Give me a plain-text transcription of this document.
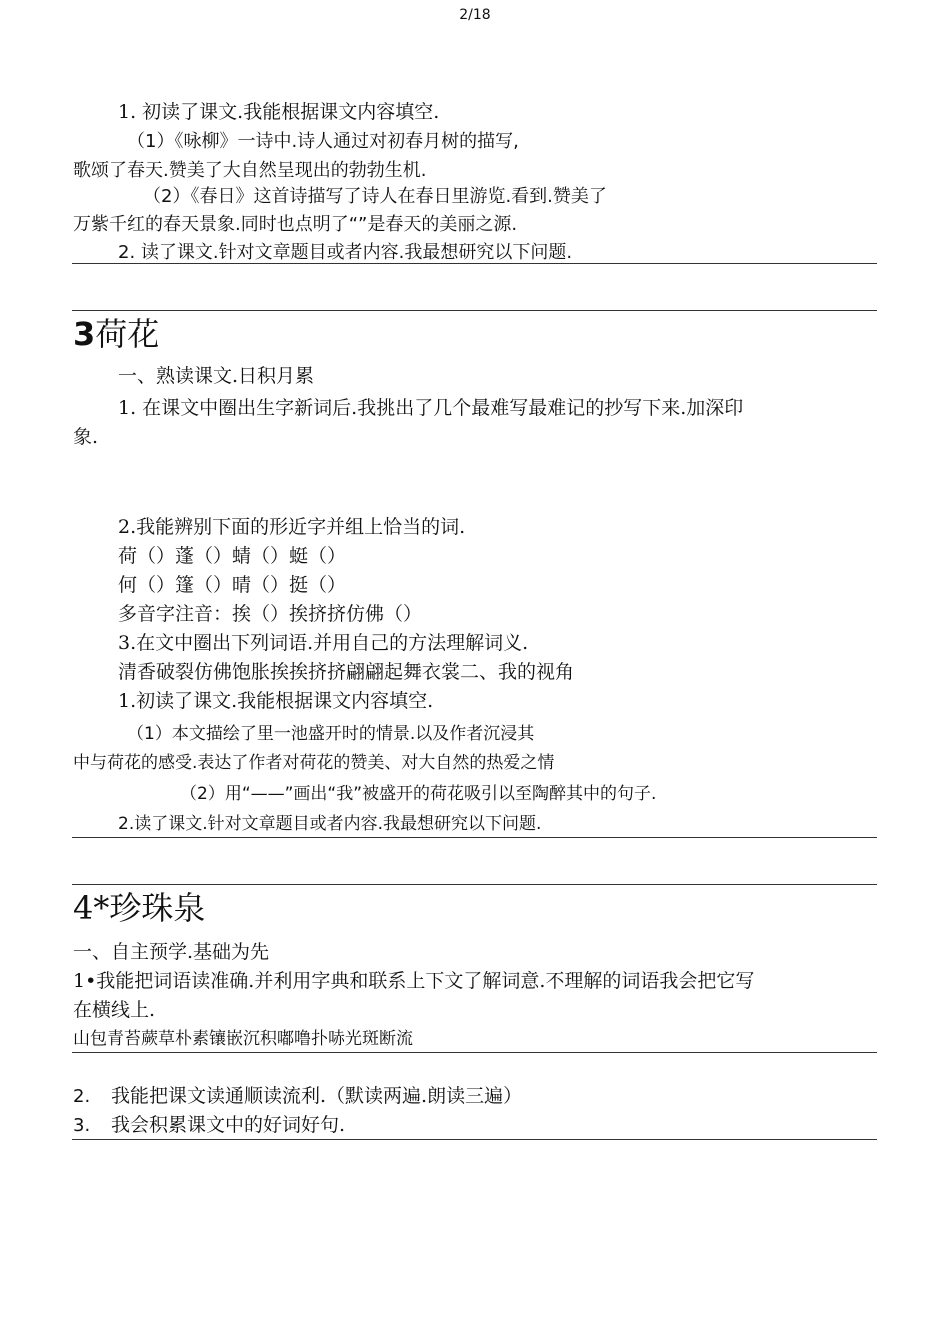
2/18
1. 初读了课文.我能根据课文内容填空.
（1）《咏柳》一诗中.诗人通过对初春月树的描写,
歌颂了春天.赞美了大自然呈现出的勃勃生机.
（2）《春日》这首诗描写了诗人在春日里游览.看到.赞美了
万紫千红的春天景象.同时也点明了“”是春天的美丽之源.
2. 读了课文.针对文章题目或者内容.我最想研究以下问题.
3荷花
一、熟读课文.日积月累
1. 在课文中圈出生字新词后.我挑出了几个最难写最难记的抄写下来.加深印
象.
2.我能辨别下面的形近字并组上恰当的词.
荷（）蓬（）蜻（）蜓（）
何（）篷（）晴（）挺（）
多音字注音：挨（）挨挤挤仿佛（）
3.在文中圈出下列词语.并用自己的方法理解词义.
清香破裂仿佛饱胀挨挨挤挤翩翩起舞衣裳二、我的视角
1.初读了课文.我能根据课文内容填空.
（1）本文描绘了里一池盛开时的情景.以及作者沉浸其
中与荷花的感受.表达了作者对荷花的赞美、对大自然的热爱之情
（2）用“——”画出“我”被盛开的荷花吸引以至陶醉其中的句子.
2.读了课文.针对文章题目或者内容.我最想研究以下问题.
4*珍珠泉
一、自主预学.基础为先
1•我能把词语读准确.并利用字典和联系上下文了解词意.不理解的词语我会把它写
在横线上.
山包青苔蕨草朴素镶嵌沉积嘟噜扑哧光斑断流
2. 我能把课文读通顺读流利.（默读两遍.朗读三遍）
3. 我会积累课文中的好词好句.
